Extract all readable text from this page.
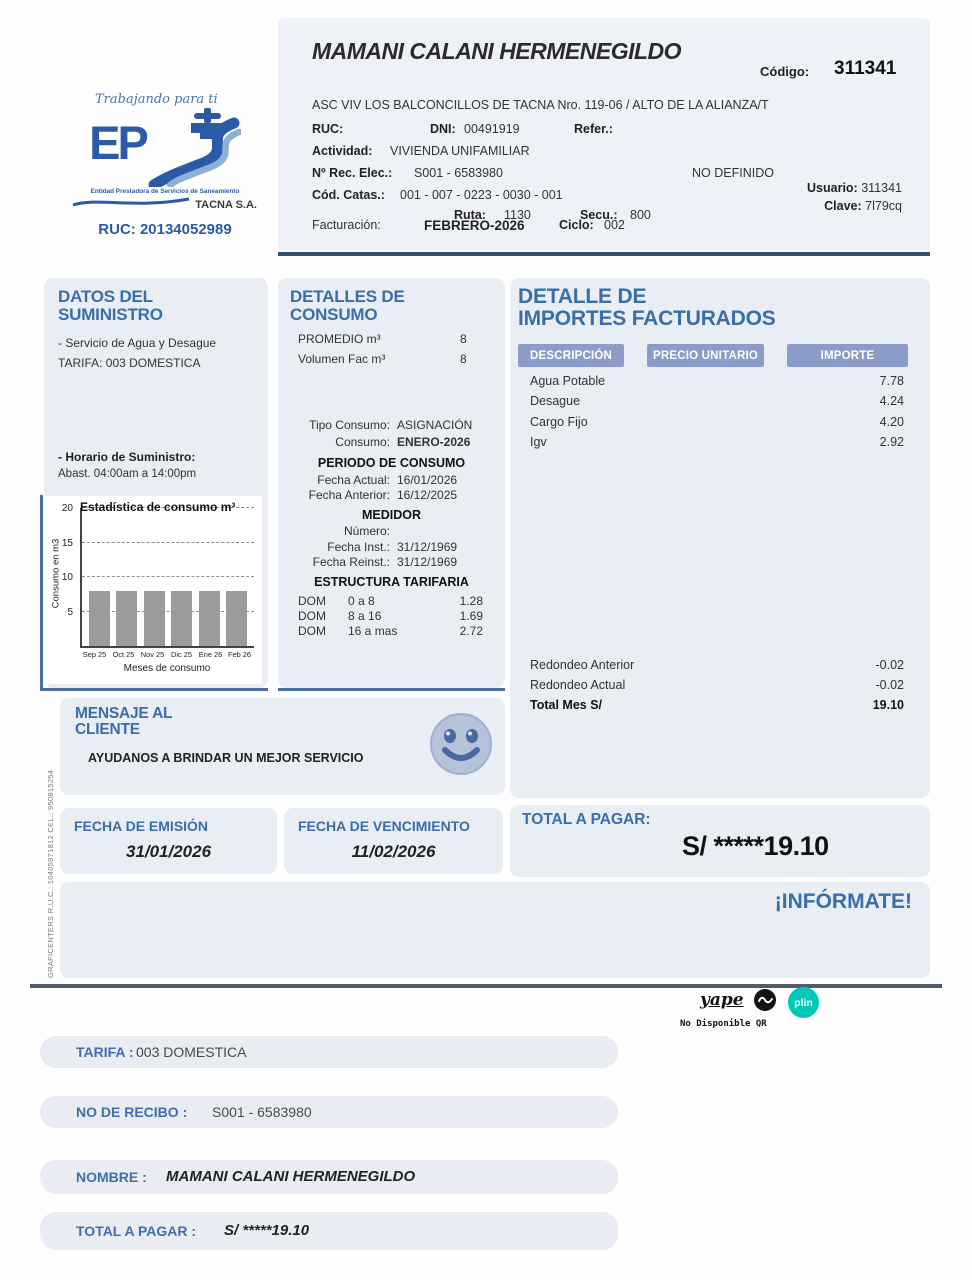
Trabajando para ti
EP
Entidad Prestadora de Servicios de Saneamiento
TACNA S.A.
RUC: 20134052989
MAMANI CALANI HERMENEGILDO
Código: 311341
ASC VIV LOS BALCONCILLOS DE TACNA Nro. 119-06 / ALTO DE LA ALIANZA/T
RUC:	DNI: 00491919	Refer.:
Actividad: VIVIENDA UNIFAMILIAR
Nº Rec. Elec.: S001 - 6583980	NO DEFINIDO
Cód. Catas.: 001 - 007 - 0223 - 0030 - 001
Ruta: 1130	Secu.: 800
Usuario: 311341
Clave: 7l79cq
Facturación:	FEBRERO-2026	Ciclo: 002
DATOS DEL
SUMINISTRO
- Servicio de Agua y Desague
TARIFA: 003 DOMESTICA
- Horario de Suministro:
Abast. 04:00am a 14:00pm
Estadística de consumo m³
Consumo en m3
5
10
15
20
Sep 25 Oct 25 Nov 25 Dic 25 Ene 26 Feb 26
Meses de consumo
DETALLES DE
CONSUMO
PROMEDIO m³	8
Volumen Fac m³	8
Tipo Consumo: ASIGNACIÓN
Consumo: ENERO-2026
PERIODO DE CONSUMO
Fecha Actual: 16/01/2026
Fecha Anterior: 16/12/2025
MEDIDOR
Número:
Fecha Inst.: 31/12/1969
Fecha Reinst.: 31/12/1969
ESTRUCTURA TARIFARIA
DOM 0 a 8	1.28
DOM 8 a 16	1.69
DOM 16 a mas	2.72
DETALLE DE
IMPORTES FACTURADOS
DESCRIPCIÓN	PRECIO UNITARIO	IMPORTE
Agua Potable	7.78
Desague	4.24
Cargo Fijo	4.20
Igv	2.92
Redondeo Anterior	-0.02
Redondeo Actual	-0.02
Total Mes S/	19.10
TOTAL A PAGAR:
S/ *****19.10
MENSAJE AL
CLIENTE
AYUDANOS A BRINDAR UN MEJOR SERVICIO
FECHA DE EMISIÓN
31/01/2026
FECHA DE VENCIMIENTO
11/02/2026
¡INFÓRMATE!
GRAFICENTERS R.U.C.: 10405971812 CEL.: 950815254
yape	plin
No Disponible QR
TARIFA : 003 DOMESTICA
NO DE RECIBO : S001 - 6583980
NOMBRE : MAMANI CALANI HERMENEGILDO
TOTAL A PAGAR : S/ *****19.10
